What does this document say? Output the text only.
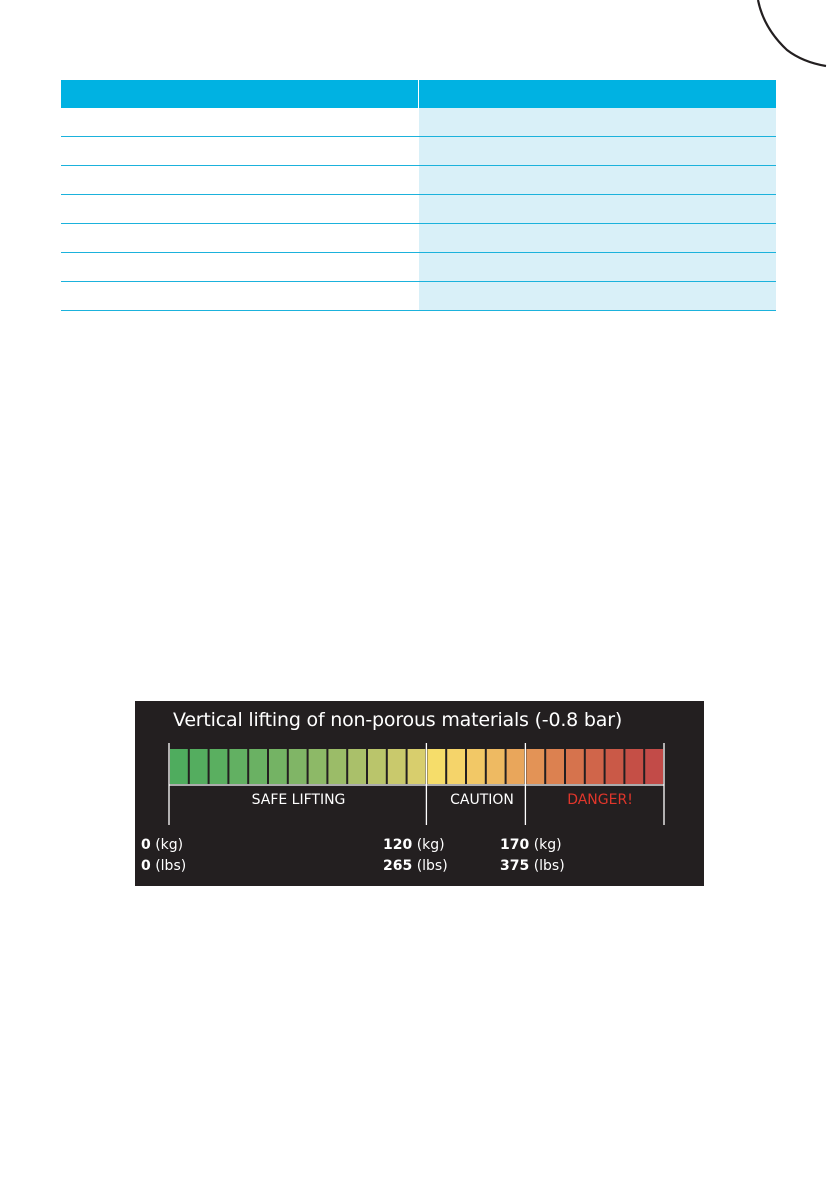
Vertical lifting of non-porous materials (-0.8 bar)
SAFE LIFTING	CAUTION	DANGER!
0 (kg)
0 (lbs)
120 (kg)
265 (lbs)
170 (kg)
375 (lbs)
